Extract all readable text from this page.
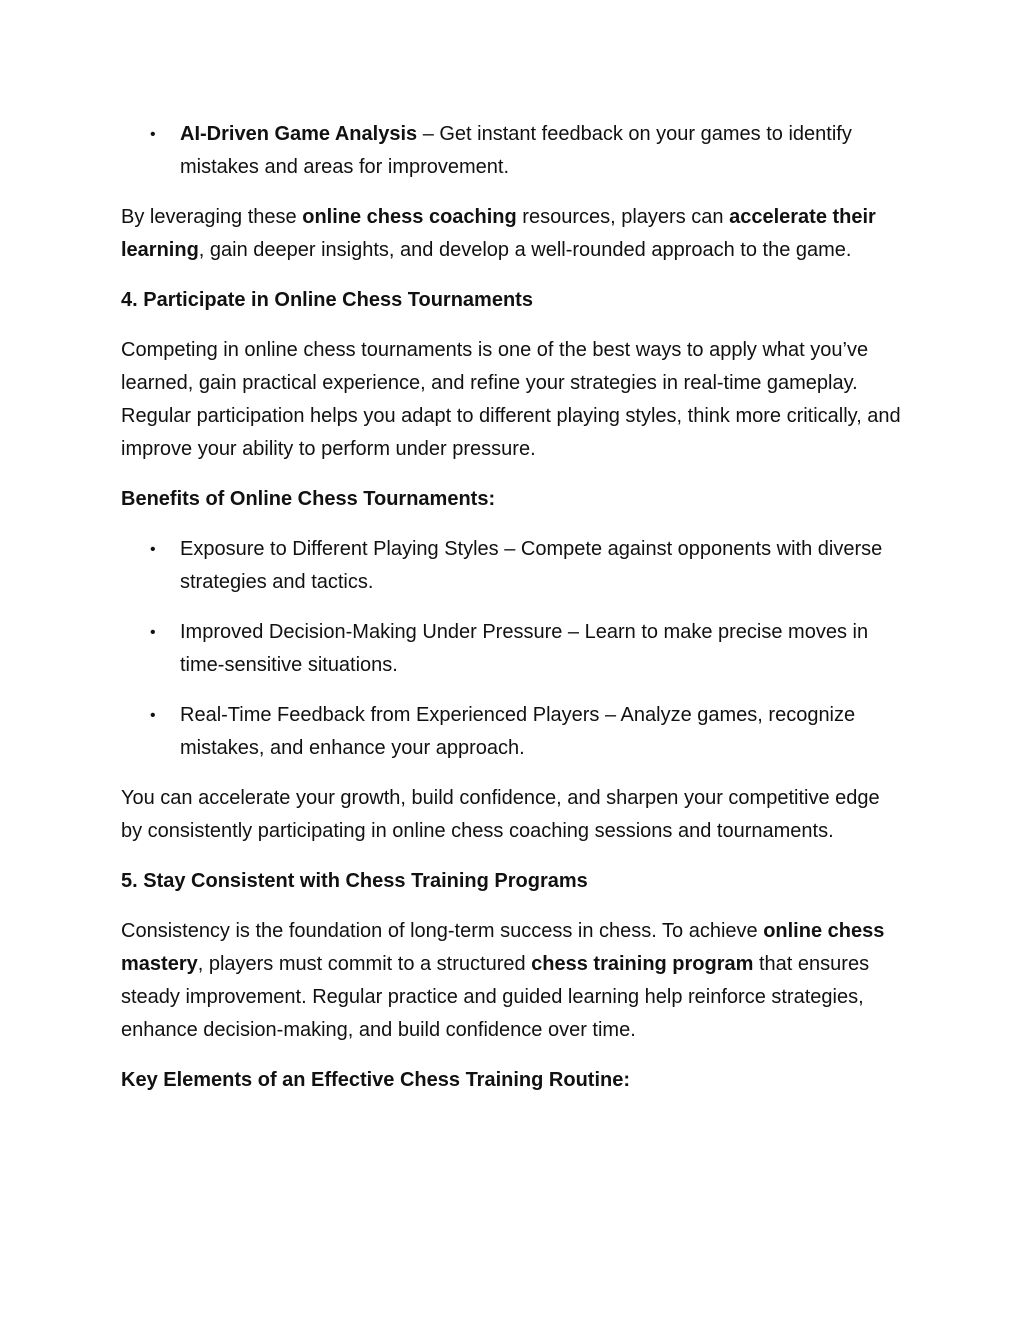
• AI-Driven Game Analysis – Get instant feedback on your games to identify mistakes and areas for improvement.

By leveraging these online chess coaching resources, players can accelerate their learning, gain deeper insights, and develop a well-rounded approach to the game.

4. Participate in Online Chess Tournaments

Competing in online chess tournaments is one of the best ways to apply what you’ve learned, gain practical experience, and refine your strategies in real-time gameplay. Regular participation helps you adapt to different playing styles, think more critically, and improve your ability to perform under pressure.

Benefits of Online Chess Tournaments:

• Exposure to Different Playing Styles – Compete against opponents with diverse strategies and tactics.
• Improved Decision-Making Under Pressure – Learn to make precise moves in time-sensitive situations.
• Real-Time Feedback from Experienced Players – Analyze games, recognize mistakes, and enhance your approach.

You can accelerate your growth, build confidence, and sharpen your competitive edge by consistently participating in online chess coaching sessions and tournaments.

5. Stay Consistent with Chess Training Programs

Consistency is the foundation of long-term success in chess. To achieve online chess mastery, players must commit to a structured chess training program that ensures steady improvement. Regular practice and guided learning help reinforce strategies, enhance decision-making, and build confidence over time.

Key Elements of an Effective Chess Training Routine:
